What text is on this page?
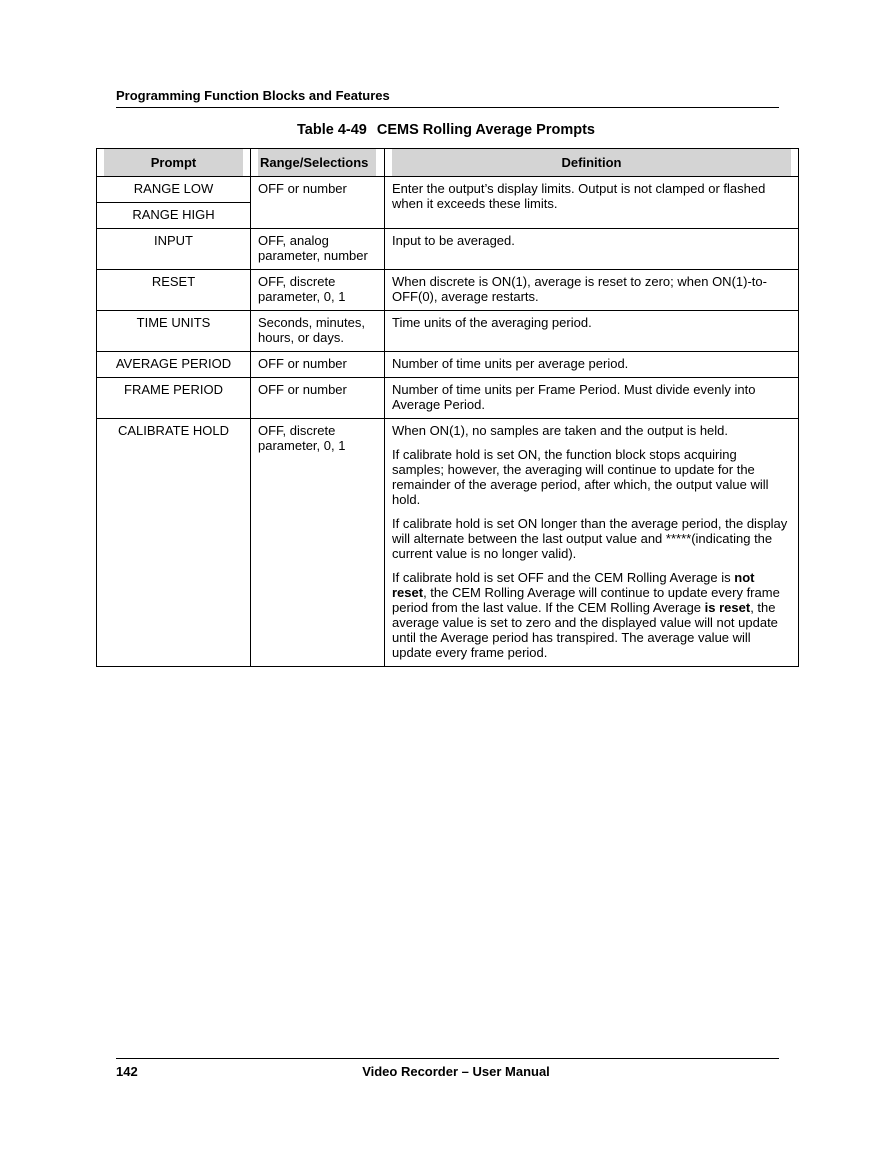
Programming Function Blocks and Features
Table 4-49 CEMS Rolling Average Prompts
Prompt	Range/Selections	Definition

RANGE LOW	OFF or number	Enter the output’s display limits. Output is not clamped or flashed when it exceeds these limits.

RANGE HIGH		
INPUT	OFF, analog parameter, number	Input to be averaged.

RESET	OFF, discrete parameter, 0, 1	When discrete is ON(1), average is reset to zero; when ON(1)-to-OFF(0), average restarts.

TIME UNITS	Seconds, minutes, hours, or days.	Time units of the averaging period.

AVERAGE PERIOD	OFF or number	Number of time units per average period.

FRAME PERIOD	OFF or number	Number of time units per Frame Period. Must divide evenly into Average Period.

CALIBRATE HOLD	OFF, discrete parameter, 0, 1	When ON(1), no samples are taken and the output is held.

If calibrate hold is set ON, the function block stops acquiring samples; however, the averaging will continue to update for the remainder of the average period, after which, the output value will hold.

If calibrate hold is set ON longer than the average period, the display will alternate between the last output value and *****(indicating the current value is no longer valid).

If calibrate hold is set OFF and the CEM Rolling Average is not reset, the CEM Rolling Average will continue to update every frame period from the last value. If the CEM Rolling Average is reset, the average value is set to zero and the displayed value will not update until the Average period has transpired. The average value will update every frame period.

142	Video Recorder – User Manual
